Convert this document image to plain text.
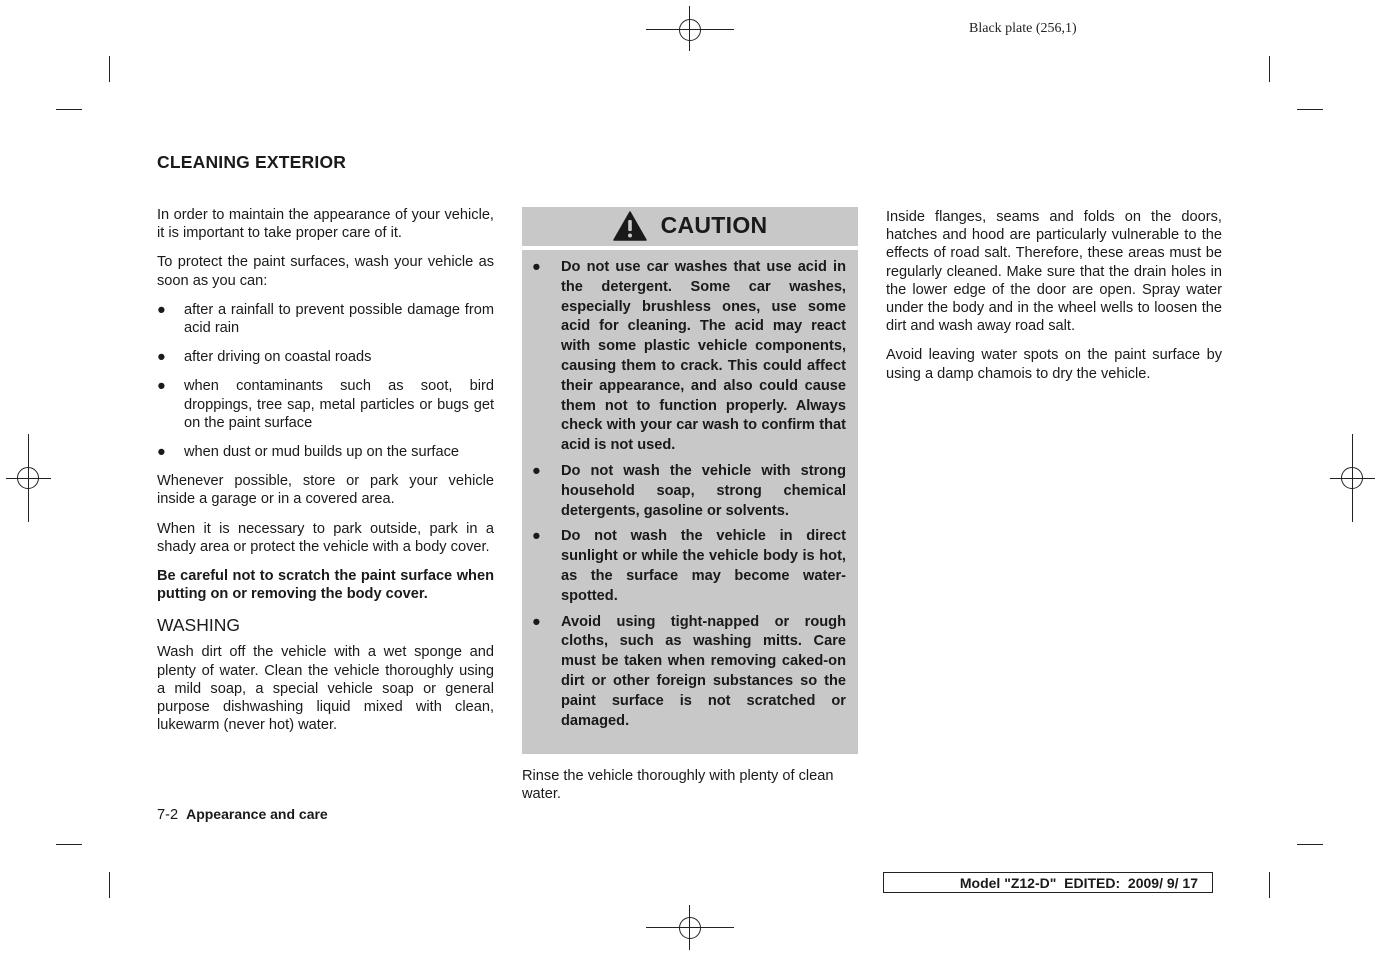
Black plate (256,1)
CLEANING EXTERIOR

In order to maintain the appearance of your vehicle, it is important to take proper care of it.

To protect the paint surfaces, wash your vehicle as soon as you can:

● after a rainfall to prevent possible damage from acid rain
● after driving on coastal roads
● when contaminants such as soot, bird droppings, tree sap, metal particles or bugs get on the paint surface
● when dust or mud builds up on the surface

Whenever possible, store or park your vehicle inside a garage or in a covered area.

When it is necessary to park outside, park in a shady area or protect the vehicle with a body cover.

Be careful not to scratch the paint surface when putting on or removing the body cover.

WASHING

Wash dirt off the vehicle with a wet sponge and plenty of water. Clean the vehicle thoroughly using a mild soap, a special vehicle soap or general purpose dishwashing liquid mixed with clean, lukewarm (never hot) water.

CAUTION
● Do not use car washes that use acid in the detergent. Some car washes, especially brushless ones, use some acid for cleaning. The acid may react with some plastic vehicle components, causing them to crack. This could affect their appearance, and also could cause them not to function properly. Always check with your car wash to confirm that acid is not used.
● Do not wash the vehicle with strong household soap, strong chemical detergents, gasoline or solvents.
● Do not wash the vehicle in direct sunlight or while the vehicle body is hot, as the surface may become water-spotted.
● Avoid using tight-napped or rough cloths, such as washing mitts. Care must be taken when removing caked-on dirt or other foreign substances so the paint surface is not scratched or damaged.
Rinse the vehicle thoroughly with plenty of clean water.

Inside flanges, seams and folds on the doors, hatches and hood are particularly vulnerable to the effects of road salt. Therefore, these areas must be regularly cleaned. Make sure that the drain holes in the lower edge of the door are open. Spray water under the body and in the wheel wells to loosen the dirt and wash away road salt.

Avoid leaving water spots on the paint surface by using a damp chamois to dry the vehicle.

7-2 Appearance and care
Model "Z12-D"  EDITED:  2009/ 9/ 17
